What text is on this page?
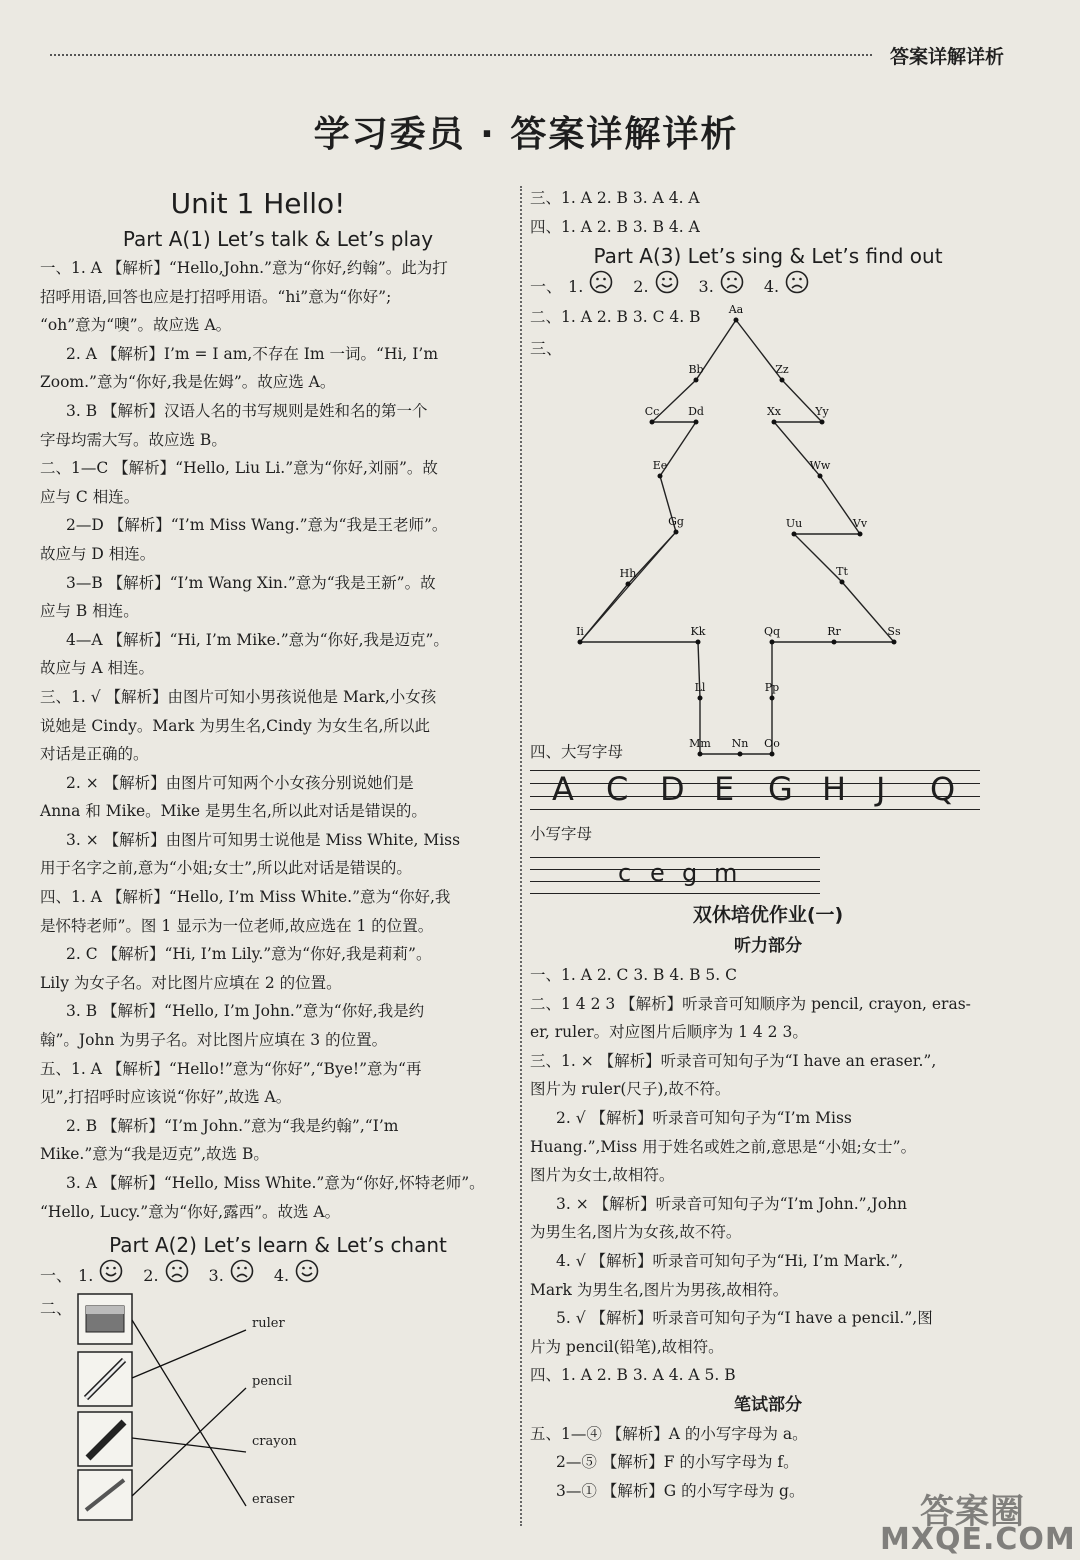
答案详解详析
学习委员 · 答案详解详析
Unit 1 Hello!
Part A(1) Let’s talk & Let’s play
一、1. A 【解析】“Hello,John.”意为“你好,约翰”。此为打
招呼用语,回答也应是打招呼用语。“hi”意为“你好”;
“oh”意为“噢”。故应选 A。
2. A 【解析】I’m = I am,不存在 Im 一词。“Hi, I’m
Zoom.”意为“你好,我是佐姆”。故应选 A。
3. B 【解析】汉语人名的书写规则是姓和名的第一个
字母均需大写。故应选 B。
二、1—C 【解析】“Hello, Liu Li.”意为“你好,刘丽”。故
应与 C 相连。
2—D 【解析】“I’m Miss Wang.”意为“我是王老师”。
故应与 D 相连。
3—B 【解析】“I’m Wang Xin.”意为“我是王新”。故
应与 B 相连。
4—A 【解析】“Hi, I’m Mike.”意为“你好,我是迈克”。
故应与 A 相连。
三、1. √ 【解析】由图片可知小男孩说他是 Mark,小女孩
说她是 Cindy。Mark 为男生名,Cindy 为女生名,所以此
对话是正确的。
2. × 【解析】由图片可知两个小女孩分别说她们是
Anna 和 Mike。Mike 是男生名,所以此对话是错误的。
3. × 【解析】由图片可知男士说他是 Miss White, Miss
用于名字之前,意为“小姐;女士”,所以此对话是错误的。
四、1. A 【解析】“Hello, I’m Miss White.”意为“你好,我
是怀特老师”。图 1 显示为一位老师,故应选在 1 的位置。
2. C 【解析】“Hi, I’m Lily.”意为“你好,我是莉莉”。
Lily 为女子名。对比图片应填在 2 的位置。
3. B 【解析】“Hello, I’m John.”意为“你好,我是约
翰”。John 为男子名。对比图片应填在 3 的位置。
五、1. A 【解析】“Hello!”意为“你好”,“Bye!”意为“再
见”,打招呼时应该说“你好”,故选 A。
2. B 【解析】“I’m John.”意为“我是约翰”,“I’m
Mike.”意为“我是迈克”,故选 B。
3. A 【解析】“Hello, Miss White.”意为“你好,怀特老师”。
“Hello, Lucy.”意为“你好,露西”。故选 A。
Part A(2) Let’s learn & Let’s chant
一、 1.	2.	3.	4.
二、
ruler
pencil
crayon
eraser
三、1. A 2. B 3. A 4. A
四、1. A 2. B 3. B 4. A
Part A(3) Let’s sing & Let’s find out
一、 1.	2.	3.	4.
二、1. A 2. B 3. C 4. B
三、
Aa
Bb	Zz
Cc	Dd	Xx	Yy
Ee	Ww
Gg	Uu	Vv
Hh	Tt
Ii	Kk	Qq	Rr	Ss
Ll	Pp
Mm Nn Oo
四、大写字母
A C D E G H J Q
小写字母
c e g m
双休培优作业(一)
听力部分
一、1. A 2. C 3. B 4. B 5. C
二、1 4 2 3 【解析】听录音可知顺序为 pencil, crayon, eras-
er, ruler。对应图片后顺序为 1 4 2 3。
三、1. × 【解析】听录音可知句子为“I have an eraser.”,
图片为 ruler(尺子),故不符。
2. √ 【解析】听录音可知句子为“I’m Miss
Huang.”,Miss 用于姓名或姓之前,意思是“小姐;女士”。
图片为女士,故相符。
3. × 【解析】听录音可知句子为“I’m John.”,John
为男生名,图片为女孩,故不符。
4. √ 【解析】听录音可知句子为“Hi, I’m Mark.”,
Mark 为男生名,图片为男孩,故相符。
5. √ 【解析】听录音可知句子为“I have a pencil.”,图
片为 pencil(铅笔),故相符。
四、1. A 2. B 3. A 4. A 5. B
笔试部分
五、1—④ 【解析】A 的小写字母为 a。
2—⑤ 【解析】F 的小写字母为 f。
3—① 【解析】G 的小写字母为 g。
答案圈
MXQE.COM
